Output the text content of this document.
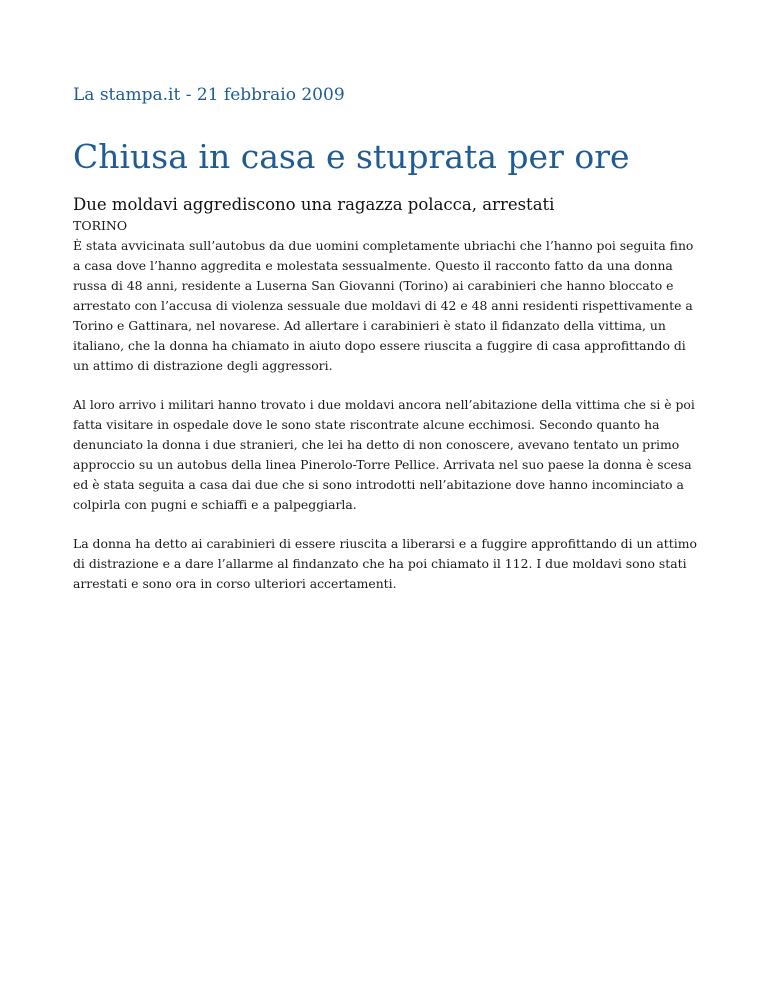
La stampa.it - 21 febbraio 2009
Chiusa in casa e stuprata per ore
Due moldavi aggrediscono una ragazza polacca, arrestati
TORINO

È stata avvicinata sull’autobus da due uomini completamente ubriachi che l’hanno poi seguita fino a casa dove l’hanno aggredita e molestata sessualmente. Questo il racconto fatto da una donna russa di 48 anni, residente a Luserna San Giovanni (Torino) ai carabinieri che hanno bloccato e arrestato con l’accusa di violenza sessuale due moldavi di 42 e 48 anni residenti rispettivamente a Torino e Gattinara, nel novarese. Ad allertare i carabinieri è stato il fidanzato della vittima, un italiano, che la donna ha chiamato in aiuto dopo essere riuscita a fuggire di casa approfittando di un attimo di distrazione degli aggressori.

Al loro arrivo i militari hanno trovato i due moldavi ancora nell’abitazione della vittima che si è poi fatta visitare in ospedale dove le sono state riscontrate alcune ecchimosi. Secondo quanto ha denunciato la donna i due stranieri, che lei ha detto di non conoscere, avevano tentato un primo approccio su un autobus della linea Pinerolo-Torre Pellice. Arrivata nel suo paese la donna è scesa ed è stata seguita a casa dai due che si sono introdotti nell’abitazione dove hanno incominciato a colpirla con pugni e schiaffi e a palpeggiarla.

La donna ha detto ai carabinieri di essere riuscita a liberarsi e a fuggire approfittando di un attimo di distrazione e a dare l’allarme al findanzato che ha poi chiamato il 112. I due moldavi sono stati arrestati e sono ora in corso ulteriori accertamenti.
